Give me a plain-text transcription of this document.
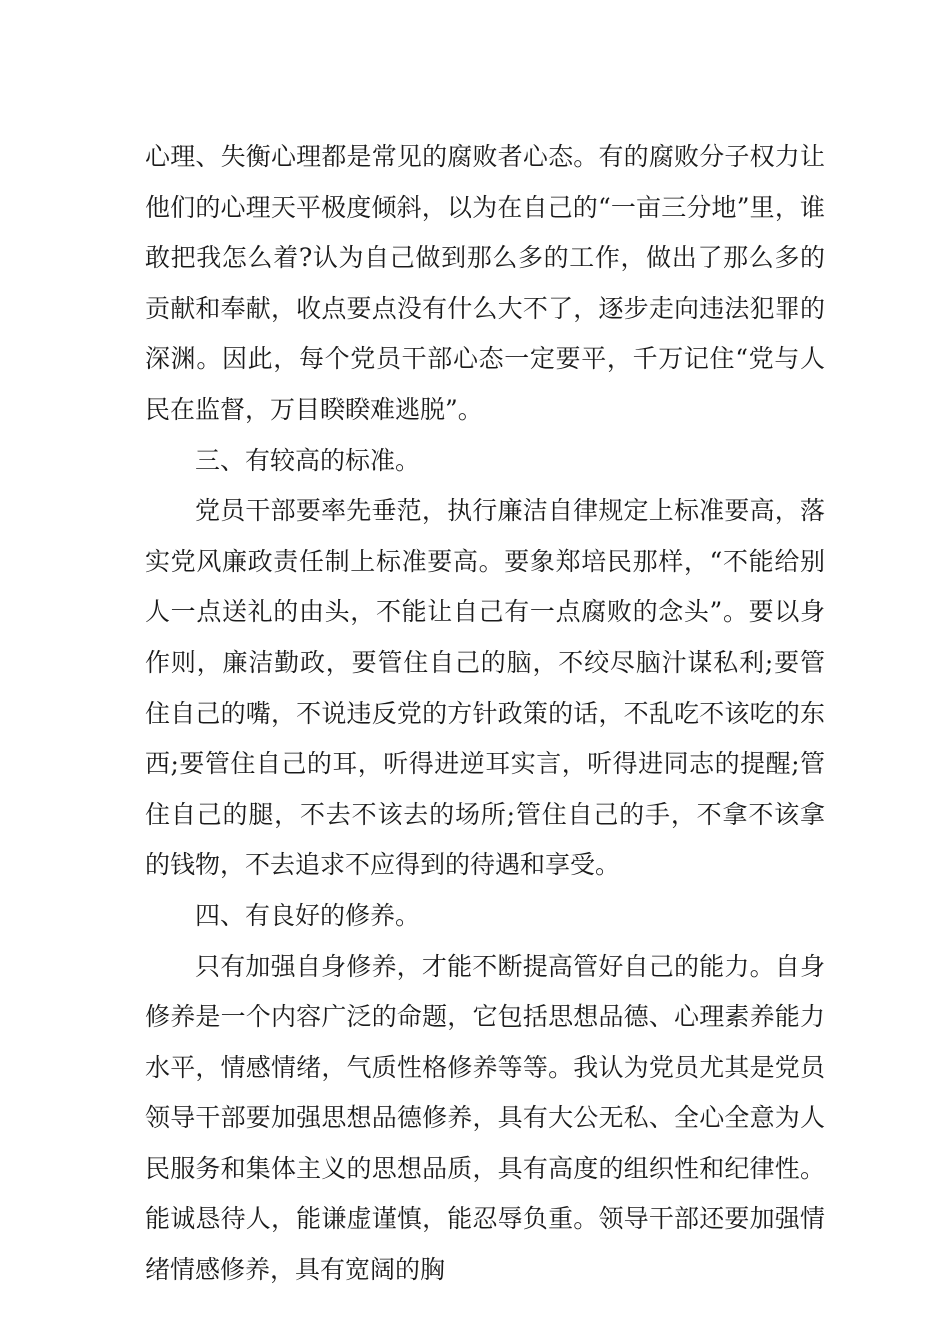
心理、失衡心理都是常见的腐败者心态。有的腐败分子权力让他们的心理天平极度倾斜，以为在自己的“一亩三分地”里，谁敢把我怎么着?认为自己做到那么多的工作，做出了那么多的贡献和奉献，收点要点没有什么大不了，逐步走向违法犯罪的深渊。因此，每个党员干部心态一定要平，千万记住“党与人民在监督，万目睽睽难逃脱”。

三、有较高的标准。

党员干部要率先垂范，执行廉洁自律规定上标准要高，落实党风廉政责任制上标准要高。要象郑培民那样，“不能给别人一点送礼的由头，不能让自己有一点腐败的念头”。要以身作则，廉洁勤政，要管住自己的脑，不绞尽脑汁谋私利;要管住自己的嘴，不说违反党的方针政策的话，不乱吃不该吃的东西;要管住自己的耳，听得进逆耳实言，听得进同志的提醒;管住自己的腿，不去不该去的场所;管住自己的手，不拿不该拿的钱物，不去追求不应得到的待遇和享受。

四、有良好的修养。

只有加强自身修养，才能不断提高管好自己的能力。自身修养是一个内容广泛的命题，它包括思想品德、心理素养能力水平，情感情绪，气质性格修养等等。我认为党员尤其是党员领导干部要加强思想品德修养，具有大公无私、全心全意为人民服务和集体主义的思想品质，具有高度的组织性和纪律性。能诚恳待人，能谦虚谨慎，能忍辱负重。领导干部还要加强情绪情感修养，具有宽阔的胸
